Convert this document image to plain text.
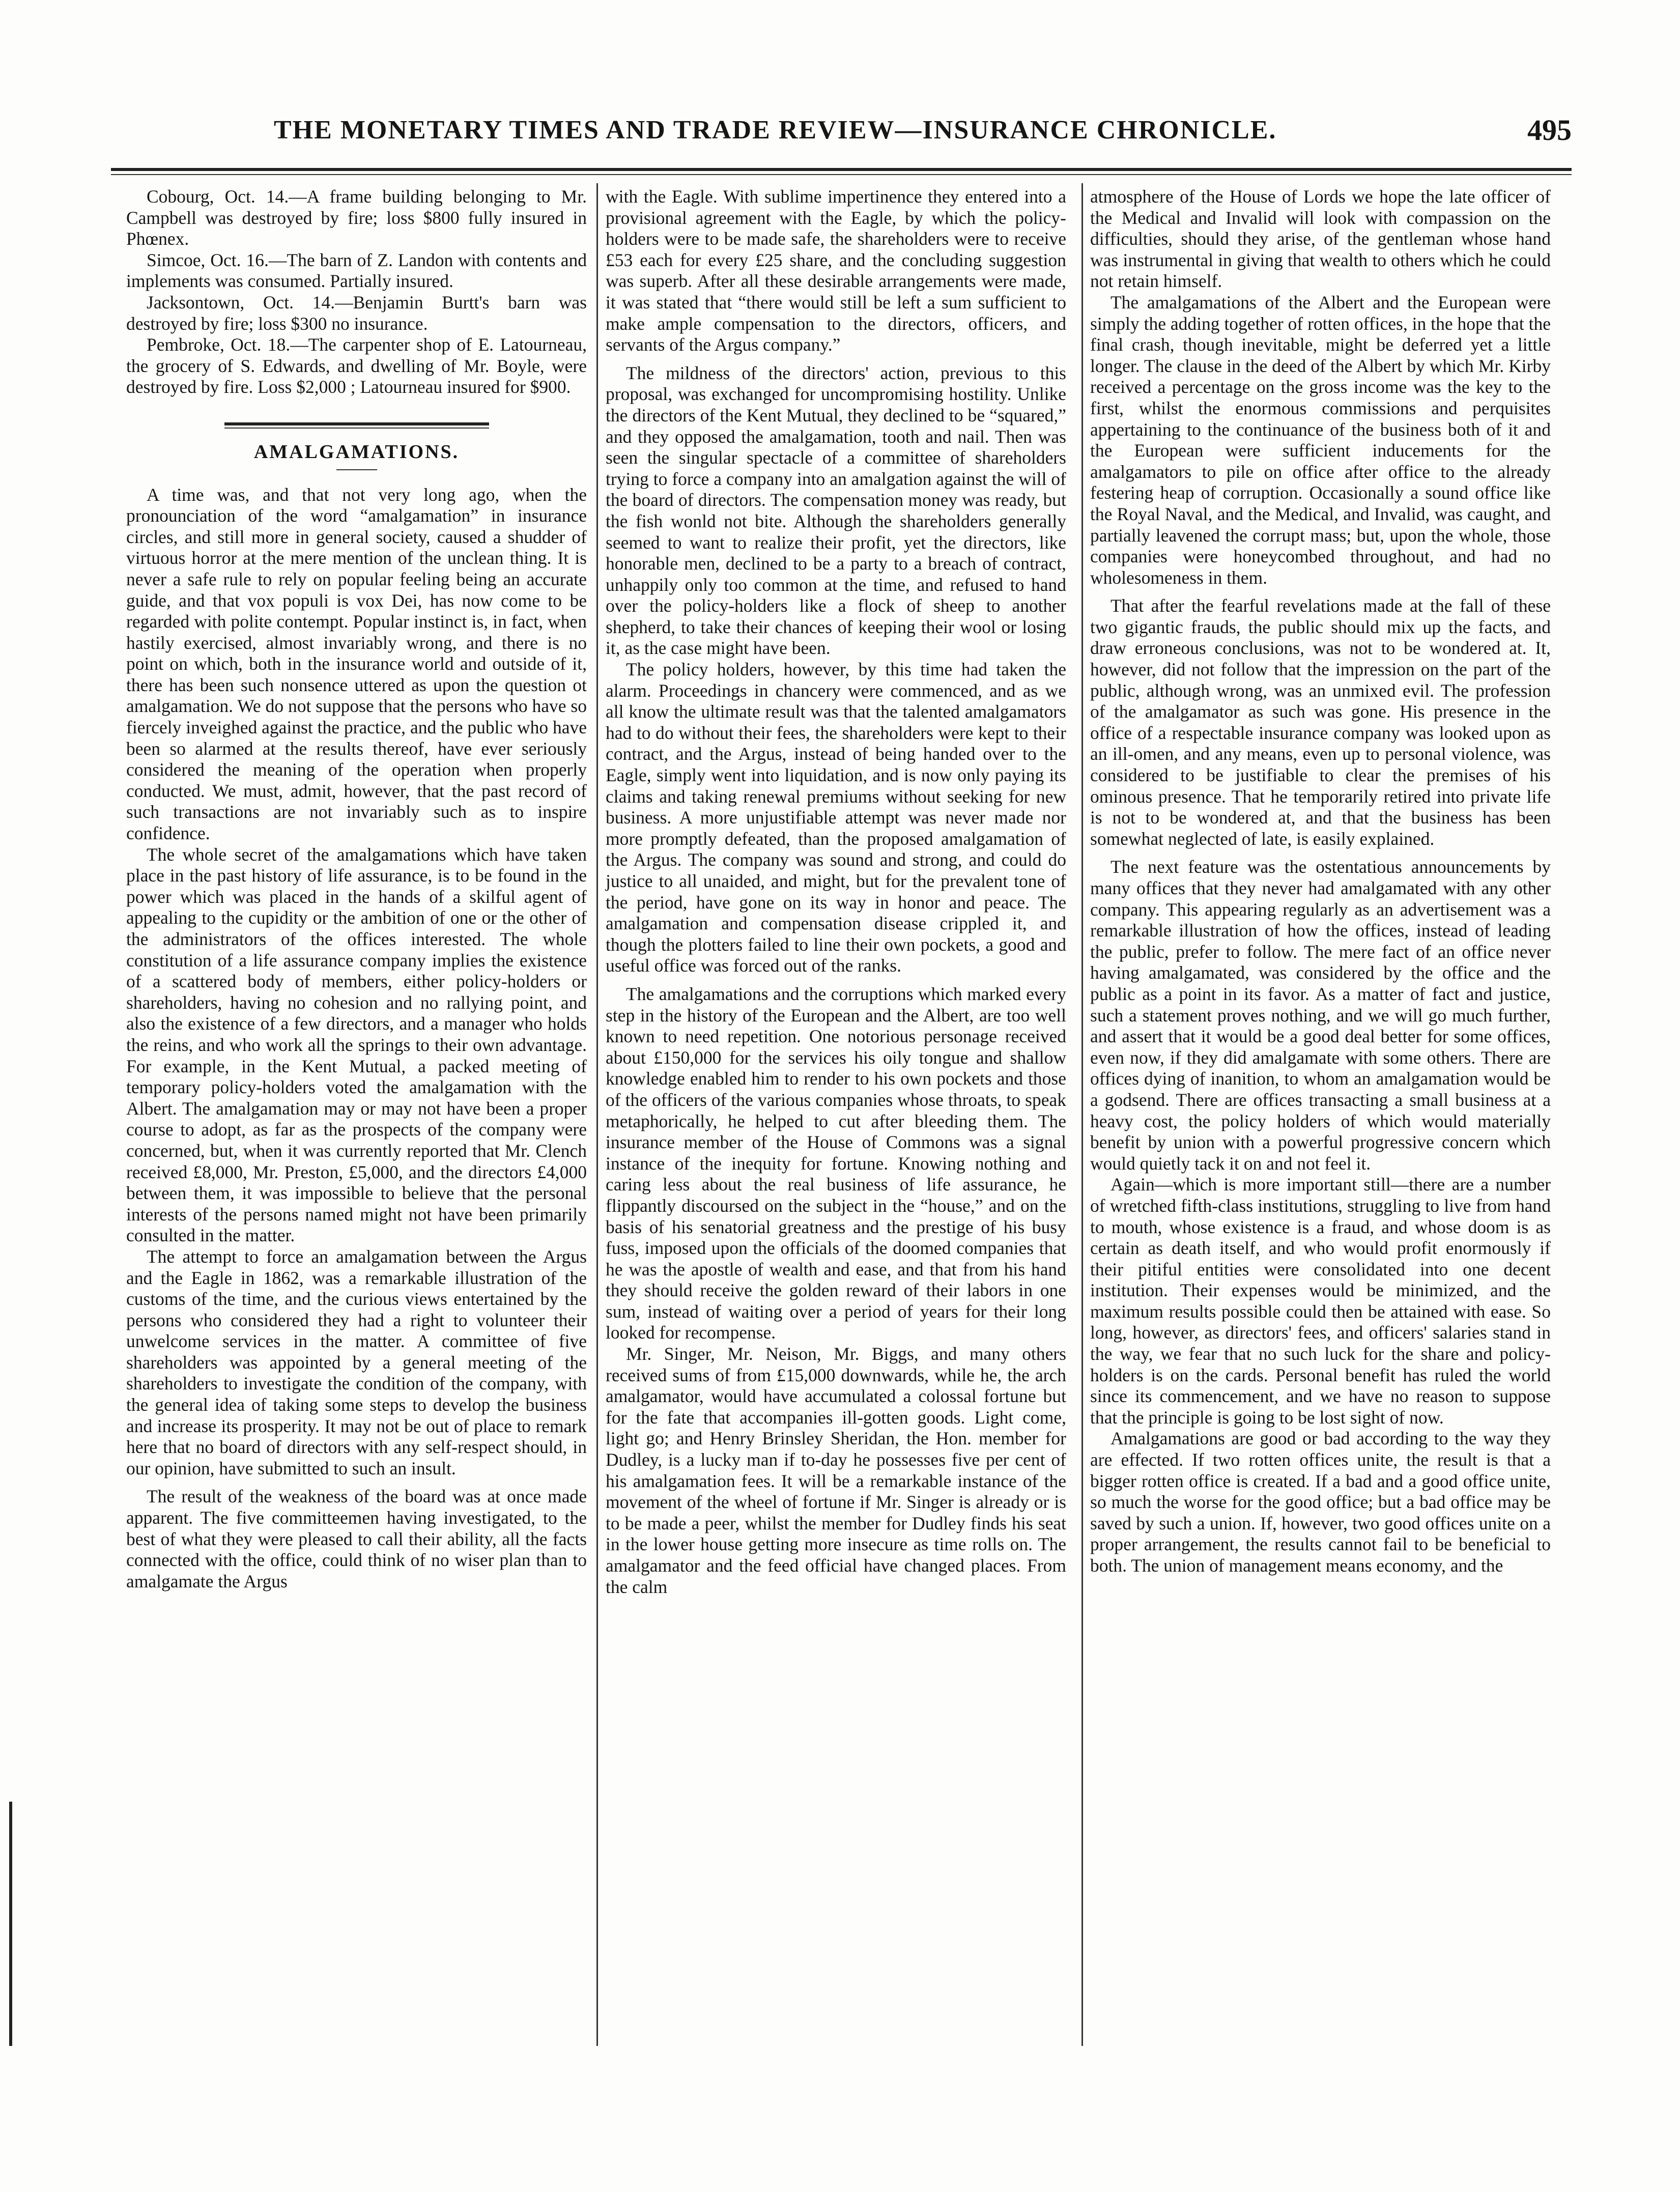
THE MONETARY TIMES AND TRADE REVIEW—INSURANCE CHRONICLE.	495

Cobourg, Oct. 14.—A frame building belonging to Mr. Campbell was destroyed by fire; loss $800 fully insured in Phœnex.

Simcoe, Oct. 16.—The barn of Z. Landon with contents and implements was consumed. Partially insured.

Jacksontown, Oct. 14.—Benjamin Burtt's barn was destroyed by fire; loss $300 no insurance.

Pembroke, Oct. 18.—The carpenter shop of E. Latourneau, the grocery of S. Edwards, and dwelling of Mr. Boyle, were destroyed by fire. Loss $2,000 ; Latourneau insured for $900.

AMALGAMATIONS.

A time was, and that not very long ago, when the pronounciation of the word “amalgamation” in insurance circles, and still more in general society, caused a shudder of virtuous horror at the mere mention of the unclean thing. It is never a safe rule to rely on popular feeling being an accurate guide, and that vox populi is vox Dei, has now come to be regarded with polite contempt. Popular instinct is, in fact, when hastily exercised, almost invariably wrong, and there is no point on which, both in the insurance world and outside of it, there has been such nonsence uttered as upon the question ot amalgamation. We do not suppose that the persons who have so fiercely inveighed against the practice, and the public who have been so alarmed at the results thereof, have ever seriously considered the meaning of the operation when properly conducted. We must, admit, however, that the past record of such transactions are not invariably such as to inspire confidence.

The whole secret of the amalgamations which have taken place in the past history of life assurance, is to be found in the power which was placed in the hands of a skilful agent of appealing to the cupidity or the ambition of one or the other of the administrators of the offices interested. The whole constitution of a life assurance company implies the existence of a scattered body of members, either policy-holders or shareholders, having no cohesion and no rallying point, and also the existence of a few directors, and a manager who holds the reins, and who work all the springs to their own advantage. For example, in the Kent Mutual, a packed meeting of temporary policy-holders voted the amalgamation with the Albert. The amalgamation may or may not have been a proper course to adopt, as far as the prospects of the company were concerned, but, when it was currently reported that Mr. Clench received £8,000, Mr. Preston, £5,000, and the directors £4,000 between them, it was impossible to believe that the personal interests of the persons named might not have been primarily consulted in the matter.

The attempt to force an amalgamation between the Argus and the Eagle in 1862, was a remarkable illustration of the customs of the time, and the curious views entertained by the persons who considered they had a right to volunteer their unwelcome services in the matter. A committee of five shareholders was appointed by a general meeting of the shareholders to investigate the condition of the company, with the general idea of taking some steps to develop the business and increase its prosperity. It may not be out of place to remark here that no board of directors with any self-respect should, in our opinion, have submitted to such an insult.

The result of the weakness of the board was at once made apparent. The five committeemen having investigated, to the best of what they were pleased to call their ability, all the facts connected with the office, could think of no wiser plan than to amalgamate the Argus

with the Eagle. With sublime impertinence they entered into a provisional agreement with the Eagle, by which the policy-holders were to be made safe, the shareholders were to receive £53 each for every £25 share, and the concluding suggestion was superb. After all these desirable arrangements were made, it was stated that “there would still be left a sum sufficient to make ample compensation to the directors, officers, and servants of the Argus company.”

The mildness of the directors' action, previous to this proposal, was exchanged for uncompromising hostility. Unlike the directors of the Kent Mutual, they declined to be “squared,” and they opposed the amalgamation, tooth and nail. Then was seen the singular spectacle of a committee of shareholders trying to force a company into an amalgation against the will of the board of directors. The compensation money was ready, but the fish wonld not bite. Although the shareholders generally seemed to want to realize their profit, yet the directors, like honorable men, declined to be a party to a breach of contract, unhappily only too common at the time, and refused to hand over the policy-holders like a flock of sheep to another shepherd, to take their chances of keeping their wool or losing it, as the case might have been.

The policy holders, however, by this time had taken the alarm. Proceedings in chancery were commenced, and as we all know the ultimate result was that the talented amalgamators had to do without their fees, the shareholders were kept to their contract, and the Argus, instead of being handed over to the Eagle, simply went into liquidation, and is now only paying its claims and taking renewal premiums without seeking for new business. A more unjustifiable attempt was never made nor more promptly defeated, than the proposed amalgamation of the Argus. The company was sound and strong, and could do justice to all unaided, and might, but for the prevalent tone of the period, have gone on its way in honor and peace. The amalgamation and compensation disease crippled it, and though the plotters failed to line their own pockets, a good and useful office was forced out of the ranks.

The amalgamations and the corruptions which marked every step in the history of the European and the Albert, are too well known to need repetition. One notorious personage received about £150,000 for the services his oily tongue and shallow knowledge enabled him to render to his own pockets and those of the officers of the various companies whose throats, to speak metaphorically, he helped to cut after bleeding them. The insurance member of the House of Commons was a signal instance of the inequity for fortune. Knowing nothing and caring less about the real business of life assurance, he flippantly discoursed on the subject in the “house,” and on the basis of his senatorial greatness and the prestige of his busy fuss, imposed upon the officials of the doomed companies that he was the apostle of wealth and ease, and that from his hand they should receive the golden reward of their labors in one sum, instead of waiting over a period of years for their long looked for recompense.

Mr. Singer, Mr. Neison, Mr. Biggs, and many others received sums of from £15,000 downwards, while he, the arch amalgamator, would have accumulated a colossal fortune but for the fate that accompanies ill-gotten goods. Light come, light go; and Henry Brinsley Sheridan, the Hon. member for Dudley, is a lucky man if to-day he possesses five per cent of his amalgamation fees. It will be a remarkable instance of the movement of the wheel of fortune if Mr. Singer is already or is to be made a peer, whilst the member for Dudley finds his seat in the lower house getting more insecure as time rolls on. The amalgamator and the feed official have changed places. From the calm

atmosphere of the House of Lords we hope the late officer of the Medical and Invalid will look with compassion on the difficulties, should they arise, of the gentleman whose hand was instrumental in giving that wealth to others which he could not retain himself.

The amalgamations of the Albert and the European were simply the adding together of rotten offices, in the hope that the final crash, though inevitable, might be deferred yet a little longer. The clause in the deed of the Albert by which Mr. Kirby received a percentage on the gross income was the key to the first, whilst the enormous commissions and perquisites appertaining to the continuance of the business both of it and the European were sufficient inducements for the amalgamators to pile on office after office to the already festering heap of corruption. Occasionally a sound office like the Royal Naval, and the Medical, and Invalid, was caught, and partially leavened the corrupt mass; but, upon the whole, those companies were honeycombed throughout, and had no wholesomeness in them.

That after the fearful revelations made at the fall of these two gigantic frauds, the public should mix up the facts, and draw erroneous conclusions, was not to be wondered at. It, however, did not follow that the impression on the part of the public, although wrong, was an unmixed evil. The profession of the amalgamator as such was gone. His presence in the office of a respectable insurance company was looked upon as an ill-omen, and any means, even up to personal violence, was considered to be justifiable to clear the premises of his ominous presence. That he temporarily retired into private life is not to be wondered at, and that the business has been somewhat neglected of late, is easily explained.

The next feature was the ostentatious announcements by many offices that they never had amalgamated with any other company. This appearing regularly as an advertisement was a remarkable illustration of how the offices, instead of leading the public, prefer to follow. The mere fact of an office never having amalgamated, was considered by the office and the public as a point in its favor. As a matter of fact and justice, such a statement proves nothing, and we will go much further, and assert that it would be a good deal better for some offices, even now, if they did amalgamate with some others. There are offices dying of inanition, to whom an amalgamation would be a godsend. There are offices transacting a small business at a heavy cost, the policy holders of which would materially benefit by union with a powerful progressive concern which would quietly tack it on and not feel it.

Again—which is more important still—there are a number of wretched fifth-class institutions, struggling to live from hand to mouth, whose existence is a fraud, and whose doom is as certain as death itself, and who would profit enormously if their pitiful entities were consolidated into one decent institution. Their expenses would be minimized, and the maximum results possible could then be attained with ease. So long, however, as directors' fees, and officers' salaries stand in the way, we fear that no such luck for the share and policy-holders is on the cards. Personal benefit has ruled the world since its commencement, and we have no reason to suppose that the principle is going to be lost sight of now.

Amalgamations are good or bad according to the way they are effected. If two rotten offices unite, the result is that a bigger rotten office is created. If a bad and a good office unite, so much the worse for the good office; but a bad office may be saved by such a union. If, however, two good offices unite on a proper arrangement, the results cannot fail to be beneficial to both. The union of management means economy, and the
